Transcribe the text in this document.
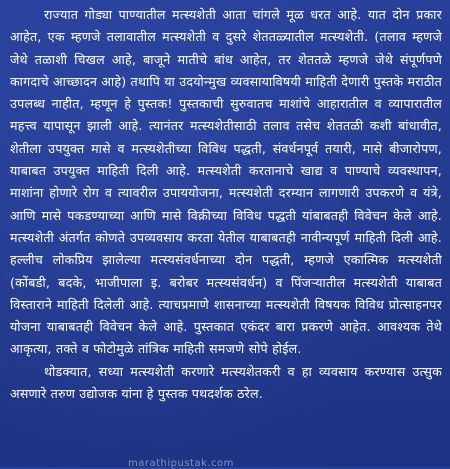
राज्यात गोड्या पाण्यातील मत्स्यशेती आता चांगले मूळ धरत आहे. यात दोन प्रकार आहेत, एक म्हणजे तलावातील मत्स्यशेती व दुसरे शेततळ्यातील मत्स्यशेती. (तलाव म्हणजे जेथे तळाशी चिखल आहे, बाजूने मातीचे बांध आहेत, तर शेततळे म्हणजे जेथे संपूर्णपणे कागदाचे आच्छादन आहे) तथापि या उदयोन्मुख व्यवसायाविषयी माहिती देणारी पुस्तके मराठीत उपलब्ध नाहीत, म्हणून हे पुस्तक! पुस्तकाची सुरुवातच माशांचे आहारातील व व्यापारातील महत्त्व यापासून झाली आहे. त्यानंतर मत्स्यशेतीसाठी तलाव तसेच शेततळी कशी बांधावीत, शेतीला उपयुक्त मासे व मत्स्यशेतीच्या विविध पद्धती, संवर्धनपूर्व तयारी, मासे बीजारोपण, याबाबत उपयुक्त माहिती दिली आहे. मत्स्यशेती करतानाचे खाद्य व पाण्याचे व्यवस्थापन, माशांना होणारे रोग व त्यावरील उपाययोजना, मत्स्यशेती दरम्यान लागणारी उपकरणे व यंत्रे, आणि मासे पकडण्याच्या आणि मासे विक्रीच्या विविध पद्धती यांबाबतही विवेचन केले आहे. मत्स्यशेती अंतर्गत कोणते उपव्यवसाय करता येतील याबाबतही नावीन्यपूर्ण माहिती दिली आहे. हल्लीच लोकप्रिय झालेल्या मत्स्यसंवर्धनाच्या दोन पद्धती, म्हणजे एकात्मिक मत्स्यशेती (कोंबडी, बदके, भाजीपाला इ. बरोबर मत्स्यसंवर्धन) व पिंजऱ्यातील मत्स्यशेती याबाबत विस्ताराने माहिती दिलेली आहे. त्याचप्रमाणे शासनाच्या मत्स्यशेती विषयक विविध प्रोत्साहनपर योजना याबाबतही विवेचन केले आहे. पुस्तकात एकंदर बारा प्रकरणे आहेत. आवश्यक तेथे आकृत्या, तक्ते व फोटोमुळे तांत्रिक माहिती समजणे सोपे होईल.

थोडक्यात, सध्या मत्स्यशेती करणारे मत्स्यशेतकरी व हा व्यवसाय करण्यास उत्सुक असणारे तरुण उद्योजक यांना हे पुस्तक पथदर्शक ठरेल.

marathipustak.com
